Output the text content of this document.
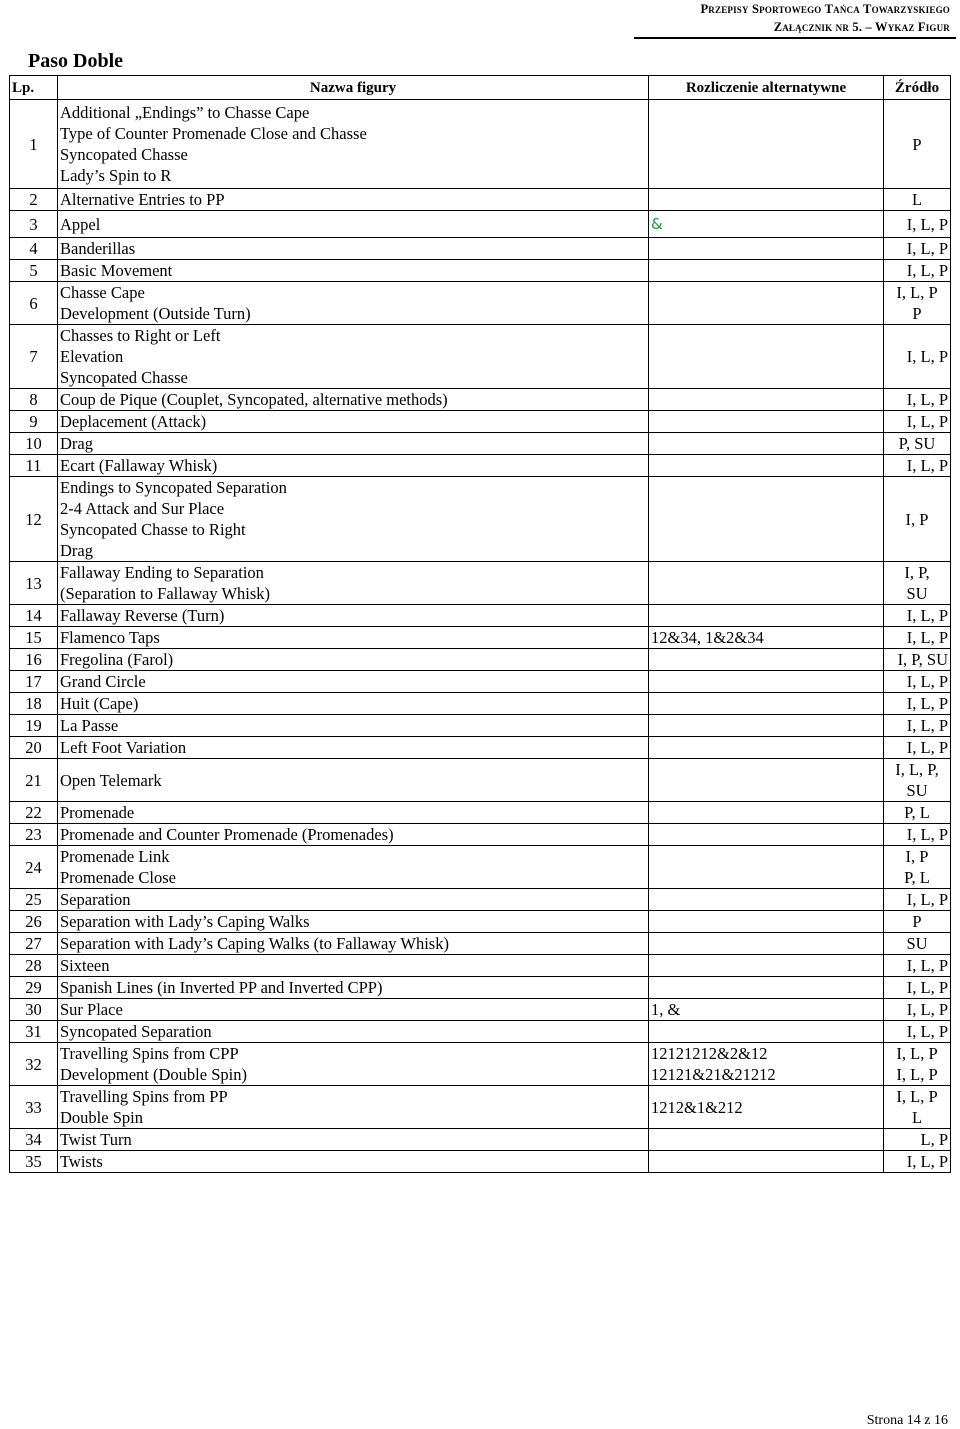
Przepisy Sportowego Tańca Towarzyskiego
Załącznik nr 5. – Wykaz Figur
Paso Doble
Lp.	Nazwa figury	Rozliczenie alternatywne	Źródło
1	Additional „Endings” to Chasse Cape
Type of Counter Promenade Close and Chasse
Syncopated Chasse
Lady’s Spin to R		P

2	Alternative Entries to PP		L

3	Appel	&	I, L, P

4	Banderillas		I, L, P

5	Basic Movement		I, L, P

6	Chasse Cape
Development (Outside Turn)		I, L, P
P

7	Chasses to Right or Left
Elevation
Syncopated Chasse		I, L, P

8	Coup de Pique (Couplet, Syncopated, alternative methods)		I, L, P

9	Deplacement (Attack)		I, L, P

10	Drag		P, SU

11	Ecart (Fallaway Whisk)		I, L, P

12	Endings to Syncopated Separation
2-4 Attack and Sur Place
Syncopated Chasse to Right
Drag		I, P

13	Fallaway Ending to Separation
(Separation to Fallaway Whisk)		I, P,
SU

14	Fallaway Reverse (Turn)		I, L, P

15	Flamenco Taps	12&34, 1&2&34	I, L, P

16	Fregolina (Farol)		I, P, SU

17	Grand Circle		I, L, P

18	Huit (Cape)		I, L, P

19	La Passe		I, L, P

20	Left Foot Variation		I, L, P

21	Open Telemark		I, L, P,
SU

22	Promenade		P, L

23	Promenade and Counter Promenade (Promenades)		I, L, P

24	Promenade Link
Promenade Close		I, P
P, L

25	Separation		I, L, P

26	Separation with Lady’s Caping Walks		P

27	Separation with Lady’s Caping Walks (to Fallaway Whisk)		SU

28	Sixteen		I, L, P

29	Spanish Lines (in Inverted PP and Inverted CPP)		I, L, P

30	Sur Place	1, &	I, L, P

31	Syncopated Separation		I, L, P

32	Travelling Spins from CPP
Development (Double Spin)	12121212&2&12
12121&21&21212	I, L, P
I, L, P

33	Travelling Spins from PP
Double Spin	1212&1&212	I, L, P
L

34	Twist Turn		L, P

35	Twists		I, L, P
Strona 14 z 16
